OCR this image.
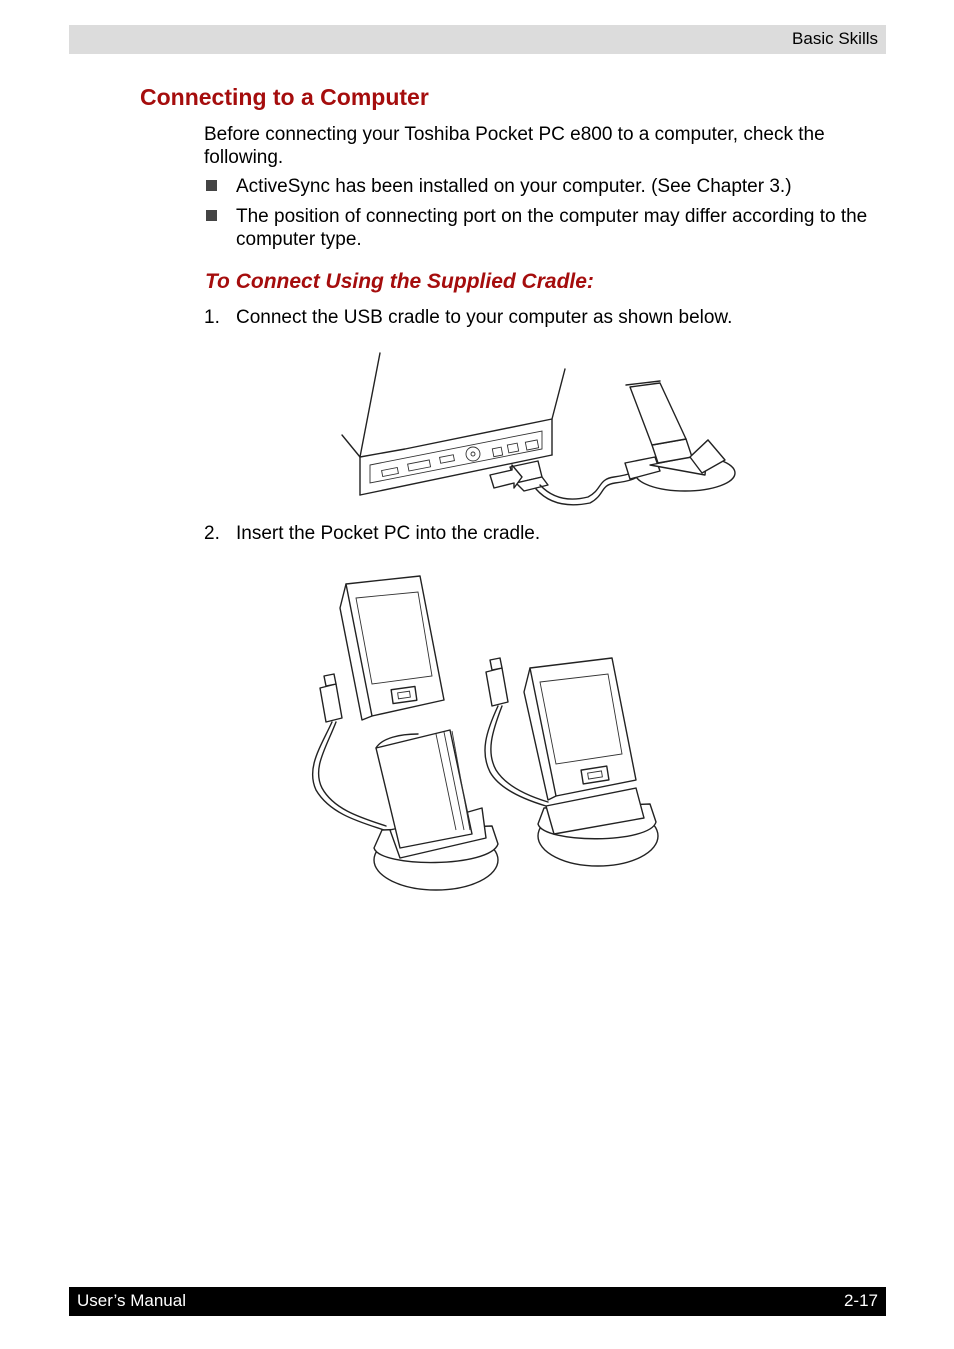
Basic Skills
Connecting to a Computer

Before connecting your Toshiba Pocket PC e800 to a computer, check the following.

ActiveSync has been installed on your computer. (See Chapter 3.)
The position of connecting port on the computer may differ according to the computer type.
To Connect Using the Supplied Cradle:
1. Connect the USB cradle to your computer as shown below.
2. Insert the Pocket PC into the cradle.
User’s Manual	2-17
